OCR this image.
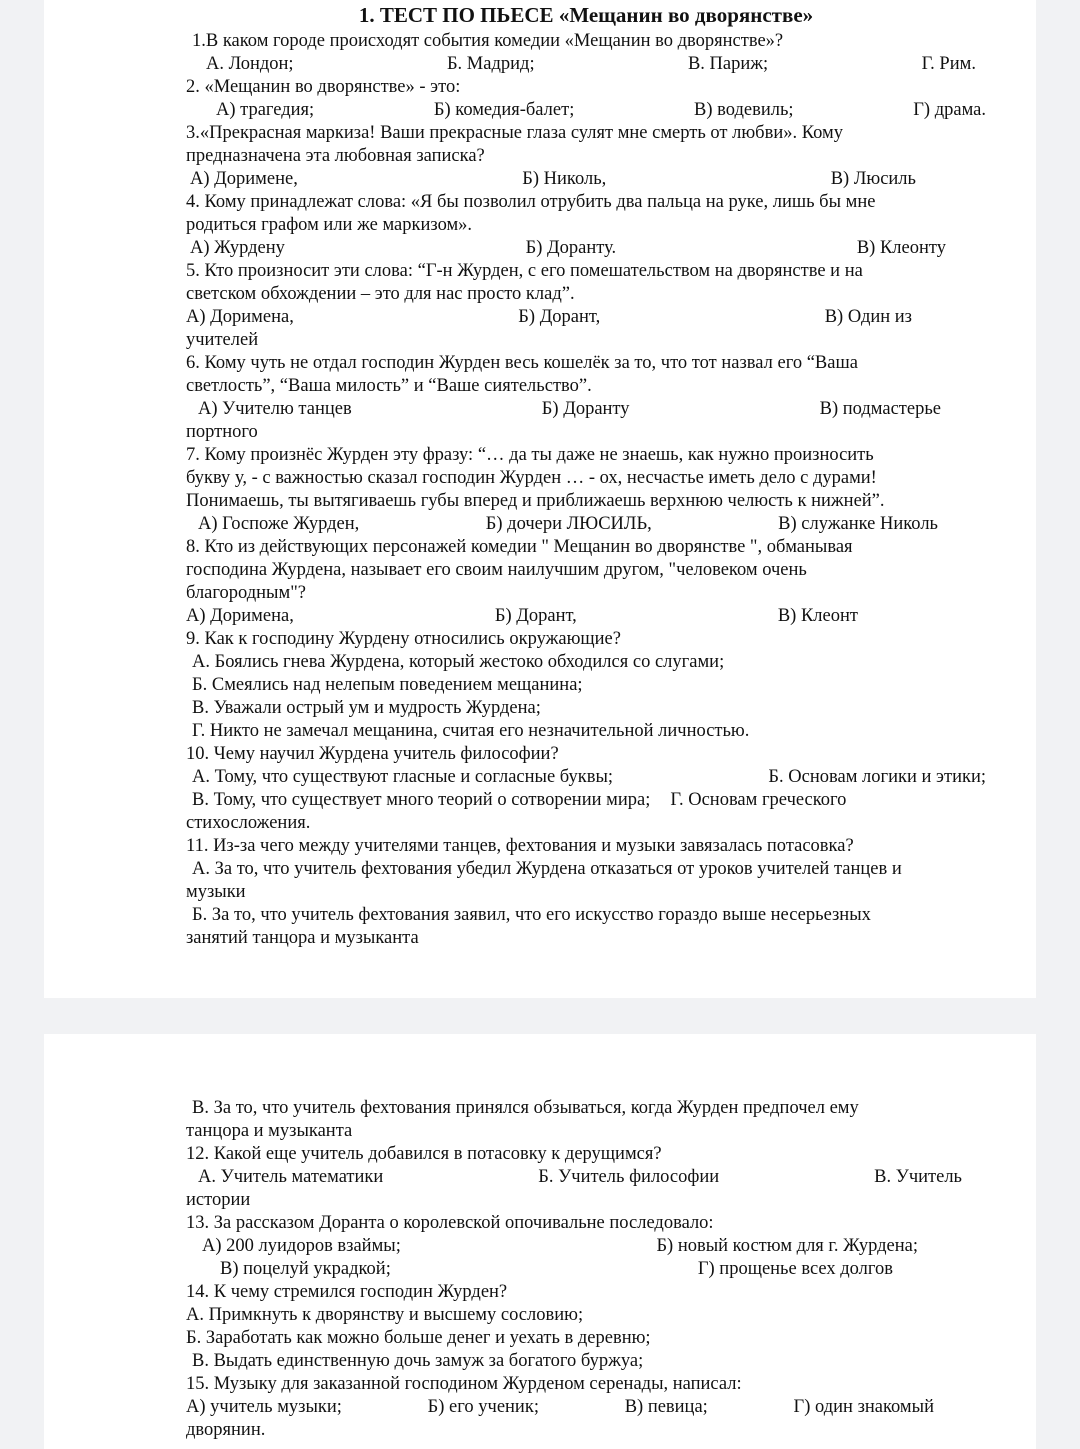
1. ТЕСТ ПО ПЬЕСЕ «Мещанин во дворянстве»
1.В каком городе происходят события комедии «Мещанин во дворянстве»?
А. Лондон;	Б. Мадрид;	В. Париж;	Г. Рим.
2. «Мещанин во дворянстве» - это:
А) трагедия;	Б) комедия-балет;	В) водевиль;	Г) драма.
3.«Прекрасная маркиза! Ваши прекрасные глаза сулят мне смерть от любви». Кому
предназначена эта любовная записка?
А) Доримене,	Б) Николь,	В) Люсиль
4. Кому принадлежат слова: «Я бы позволил отрубить два пальца на руке, лишь бы мне
родиться графом или же маркизом».
А) Журдену	Б) Доранту.	В) Клеонту
5. Кто произносит эти слова: “Г-н Журден, с его помешательством на дворянстве и на
светском обхождении – это для нас просто клад”.
А) Доримена,	Б) Дорант,	В) Один из
учителей
6. Кому чуть не отдал господин Журден весь кошелёк за то, что тот назвал его “Ваша
светлость”, “Ваша милость” и “Ваше сиятельство”.
А) Учителю танцев	Б) Доранту	В) подмастерье
портного
7. Кому произнёс Журден эту фразу: “… да ты даже не знаешь, как нужно произносить
букву у, - с важностью сказал господин Журден … - ох, несчастье иметь дело с дурами!
Понимаешь, ты вытягиваешь губы вперед и приближаешь верхнюю челюсть к нижней”.
А) Госпоже Журден,	Б) дочери ЛЮСИЛЬ,	В) служанке Николь
8. Кто из действующих персонажей комедии " Мещанин во дворянстве ", обманывая
господина Журдена, называет его своим наилучшим другом, "человеком очень
благородным"?
А) Доримена,	Б) Дорант,	В) Клеонт
9. Как к господину Журдену относились окружающие?
А. Боялись гнева Журдена, который жестоко обходился со слугами;
Б. Смеялись над нелепым поведением мещанина;
В. Уважали острый ум и мудрость Журдена;
Г. Никто не замечал мещанина, считая его незначительной личностью.
10. Чему научил Журдена учитель философии?
А. Тому, что существуют гласные и согласные буквы;	Б. Основам логики и этики;
В. Тому, что существует много теорий о сотворении мира; Г. Основам греческого
стихосложения.
11. Из-за чего между учителями танцев, фехтования и музыки завязалась потасовка?
А. За то, что учитель фехтования убедил Журдена отказаться от уроков учителей танцев и
музыки
Б. За то, что учитель фехтования заявил, что его искусство гораздо выше несерьезных
занятий танцора и музыканта
В. За то, что учитель фехтования принялся обзываться, когда Журден предпочел ему
танцора и музыканта
12. Какой еще учитель добавился в потасовку к дерущимся?
А. Учитель математики	Б. Учитель философии	В. Учитель
истории
13. За рассказом Доранта о королевской опочивальне последовало:
А) 200 луидоров взаймы;	Б) новый костюм для г. Журдена;
В) поцелуй украдкой;	Г) прощенье всех долгов
14. К чему стремился господин Журден?
А. Примкнуть к дворянству и высшему сословию;
Б. Заработать как можно больше денег и уехать в деревню;
В. Выдать единственную дочь замуж за богатого буржуа;
15. Музыку для заказанной господином Журденом серенады, написал:
А) учитель музыки;	Б) его ученик;	В) певица;	Г) один знакомый
дворянин.
